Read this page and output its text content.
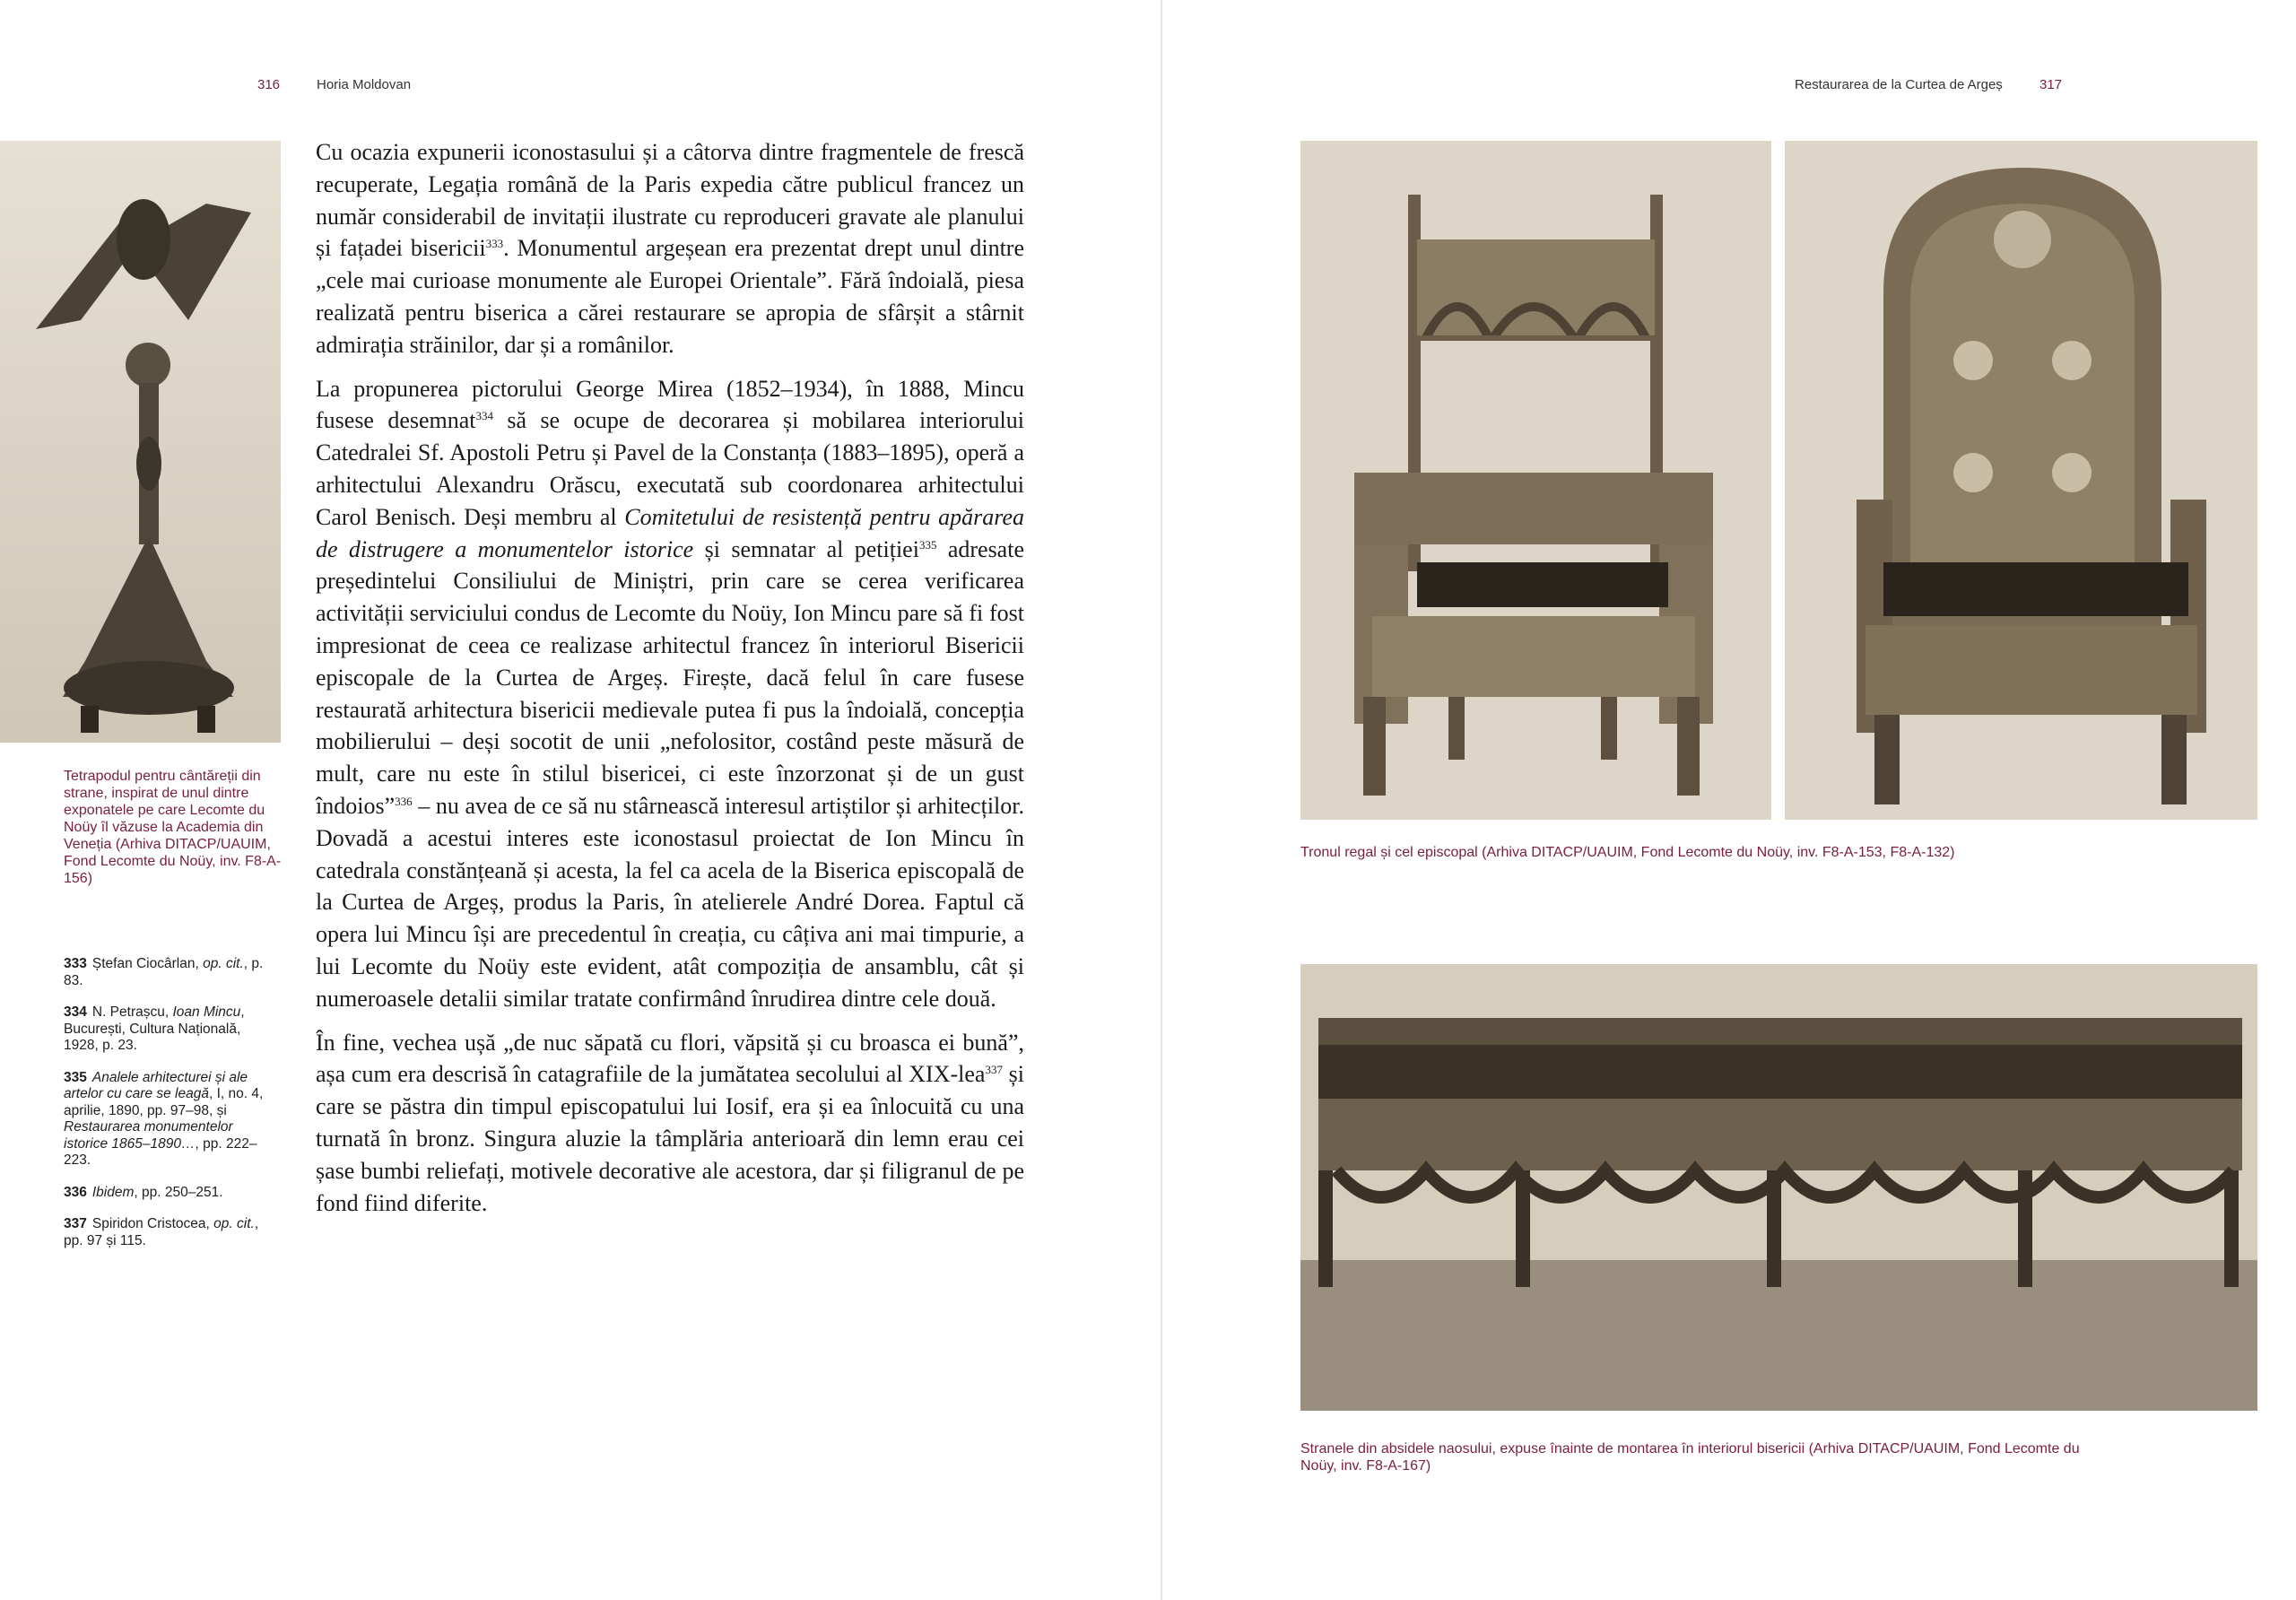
316	Horia Moldovan	Restaurarea de la Curtea de Argeș	317
Tetrapodul pentru cântăreții din strane, inspirat de unul dintre exponatele pe care Lecomte du Noüy îl văzuse la Academia din Veneția (Arhiva DITACP/UAUIM, Fond Lecomte du Noüy, inv. F8-A-156)
333 Ștefan Ciocârlan, op. cit., p. 83.
334 N. Petrașcu, Ioan Mincu, București, Cultura Națională, 1928, p. 23.
335 Analele arhitecturei și ale artelor cu care se leagă, I, no. 4, aprilie, 1890, pp. 97–98, și Restaurarea monumentelor istorice 1865–1890…, pp. 222–223.
336 Ibidem, pp. 250–251.
337 Spiridon Cristocea, op. cit., pp. 97 și 115.

Cu ocazia expunerii iconostasului și a câtorva dintre fragmentele de frescă recuperate, Legația română de la Paris expedia către publicul francez un număr considerabil de invitații ilustrate cu reproduceri gravate ale planului și fațadei bisericii$^{333}$. Monumentul argeșean era prezentat drept unul dintre „cele mai curioase monumente ale Europei Orientale”. Fără îndoială, piesa realizată pentru biserica a cărei restaurare se apropia de sfârșit a stârnit admirația străinilor, dar și a românilor.

La propunerea pictorului George Mirea (1852–1934), în 1888, Mincu fusese desemnat$^{334}$ să se ocupe de decorarea și mobilarea interiorului Catedralei Sf. Apostoli Petru și Pavel de la Constanța (1883–1895), operă a arhitectului Alexandru Orăscu, executată sub coordonarea arhitectului Carol Benisch. Deși membru al Comitetului de resistență pentru apărarea de distrugere a monumentelor istorice și semnatar al petiției$^{335}$ adresate președintelui Consiliului de Miniștri, prin care se cerea verificarea activității serviciului condus de Lecomte du Noüy, Ion Mincu pare să fi fost impresionat de ceea ce realizase arhitectul francez în interiorul Bisericii episcopale de la Curtea de Argeș. Firește, dacă felul în care fusese restaurată arhitectura bisericii medievale putea fi pus la îndoială, concepția mobilierului – deși socotit de unii „nefolositor, costând peste măsură de mult, care nu este în stilul bisericei, ci este înzorzonat și de un gust îndoios”$^{336}$ – nu avea de ce să nu stârnească interesul artiștilor și arhitecților. Dovadă a acestui interes este iconostasul proiectat de Ion Mincu în catedrala constănțeană și acesta, la fel ca acela de la Biserica episcopală de la Curtea de Argeș, produs la Paris, în atelierele André Dorea. Faptul că opera lui Mincu își are precedentul în creația, cu câțiva ani mai timpurie, a lui Lecomte du Noüy este evident, atât compoziția de ansamblu, cât și numeroasele detalii similar tratate confirmând înrudirea dintre cele două.

În fine, vechea ușă „de nuc săpată cu flori, văpsită și cu broasca ei bună”, așa cum era descrisă în catagrafiile de la jumătatea secolului al XIX-lea$^{337}$ și care se păstra din timpul episcopatului lui Iosif, era și ea înlocuită cu una turnată în bronz. Singura aluzie la tâmplăria anterioară din lemn erau cei șase bumbi reliefați, motivele decorative ale acestora, dar și filigranul de pe fond fiind diferite.

Tronul regal și cel episcopal (Arhiva DITACP/UAUIM, Fond Lecomte du Noüy, inv. F8-A-153, F8-A-132)
Stranele din absidele naosului, expuse înainte de montarea în interiorul bisericii (Arhiva DITACP/UAUIM, Fond Lecomte du Noüy, inv. F8-A-167)
